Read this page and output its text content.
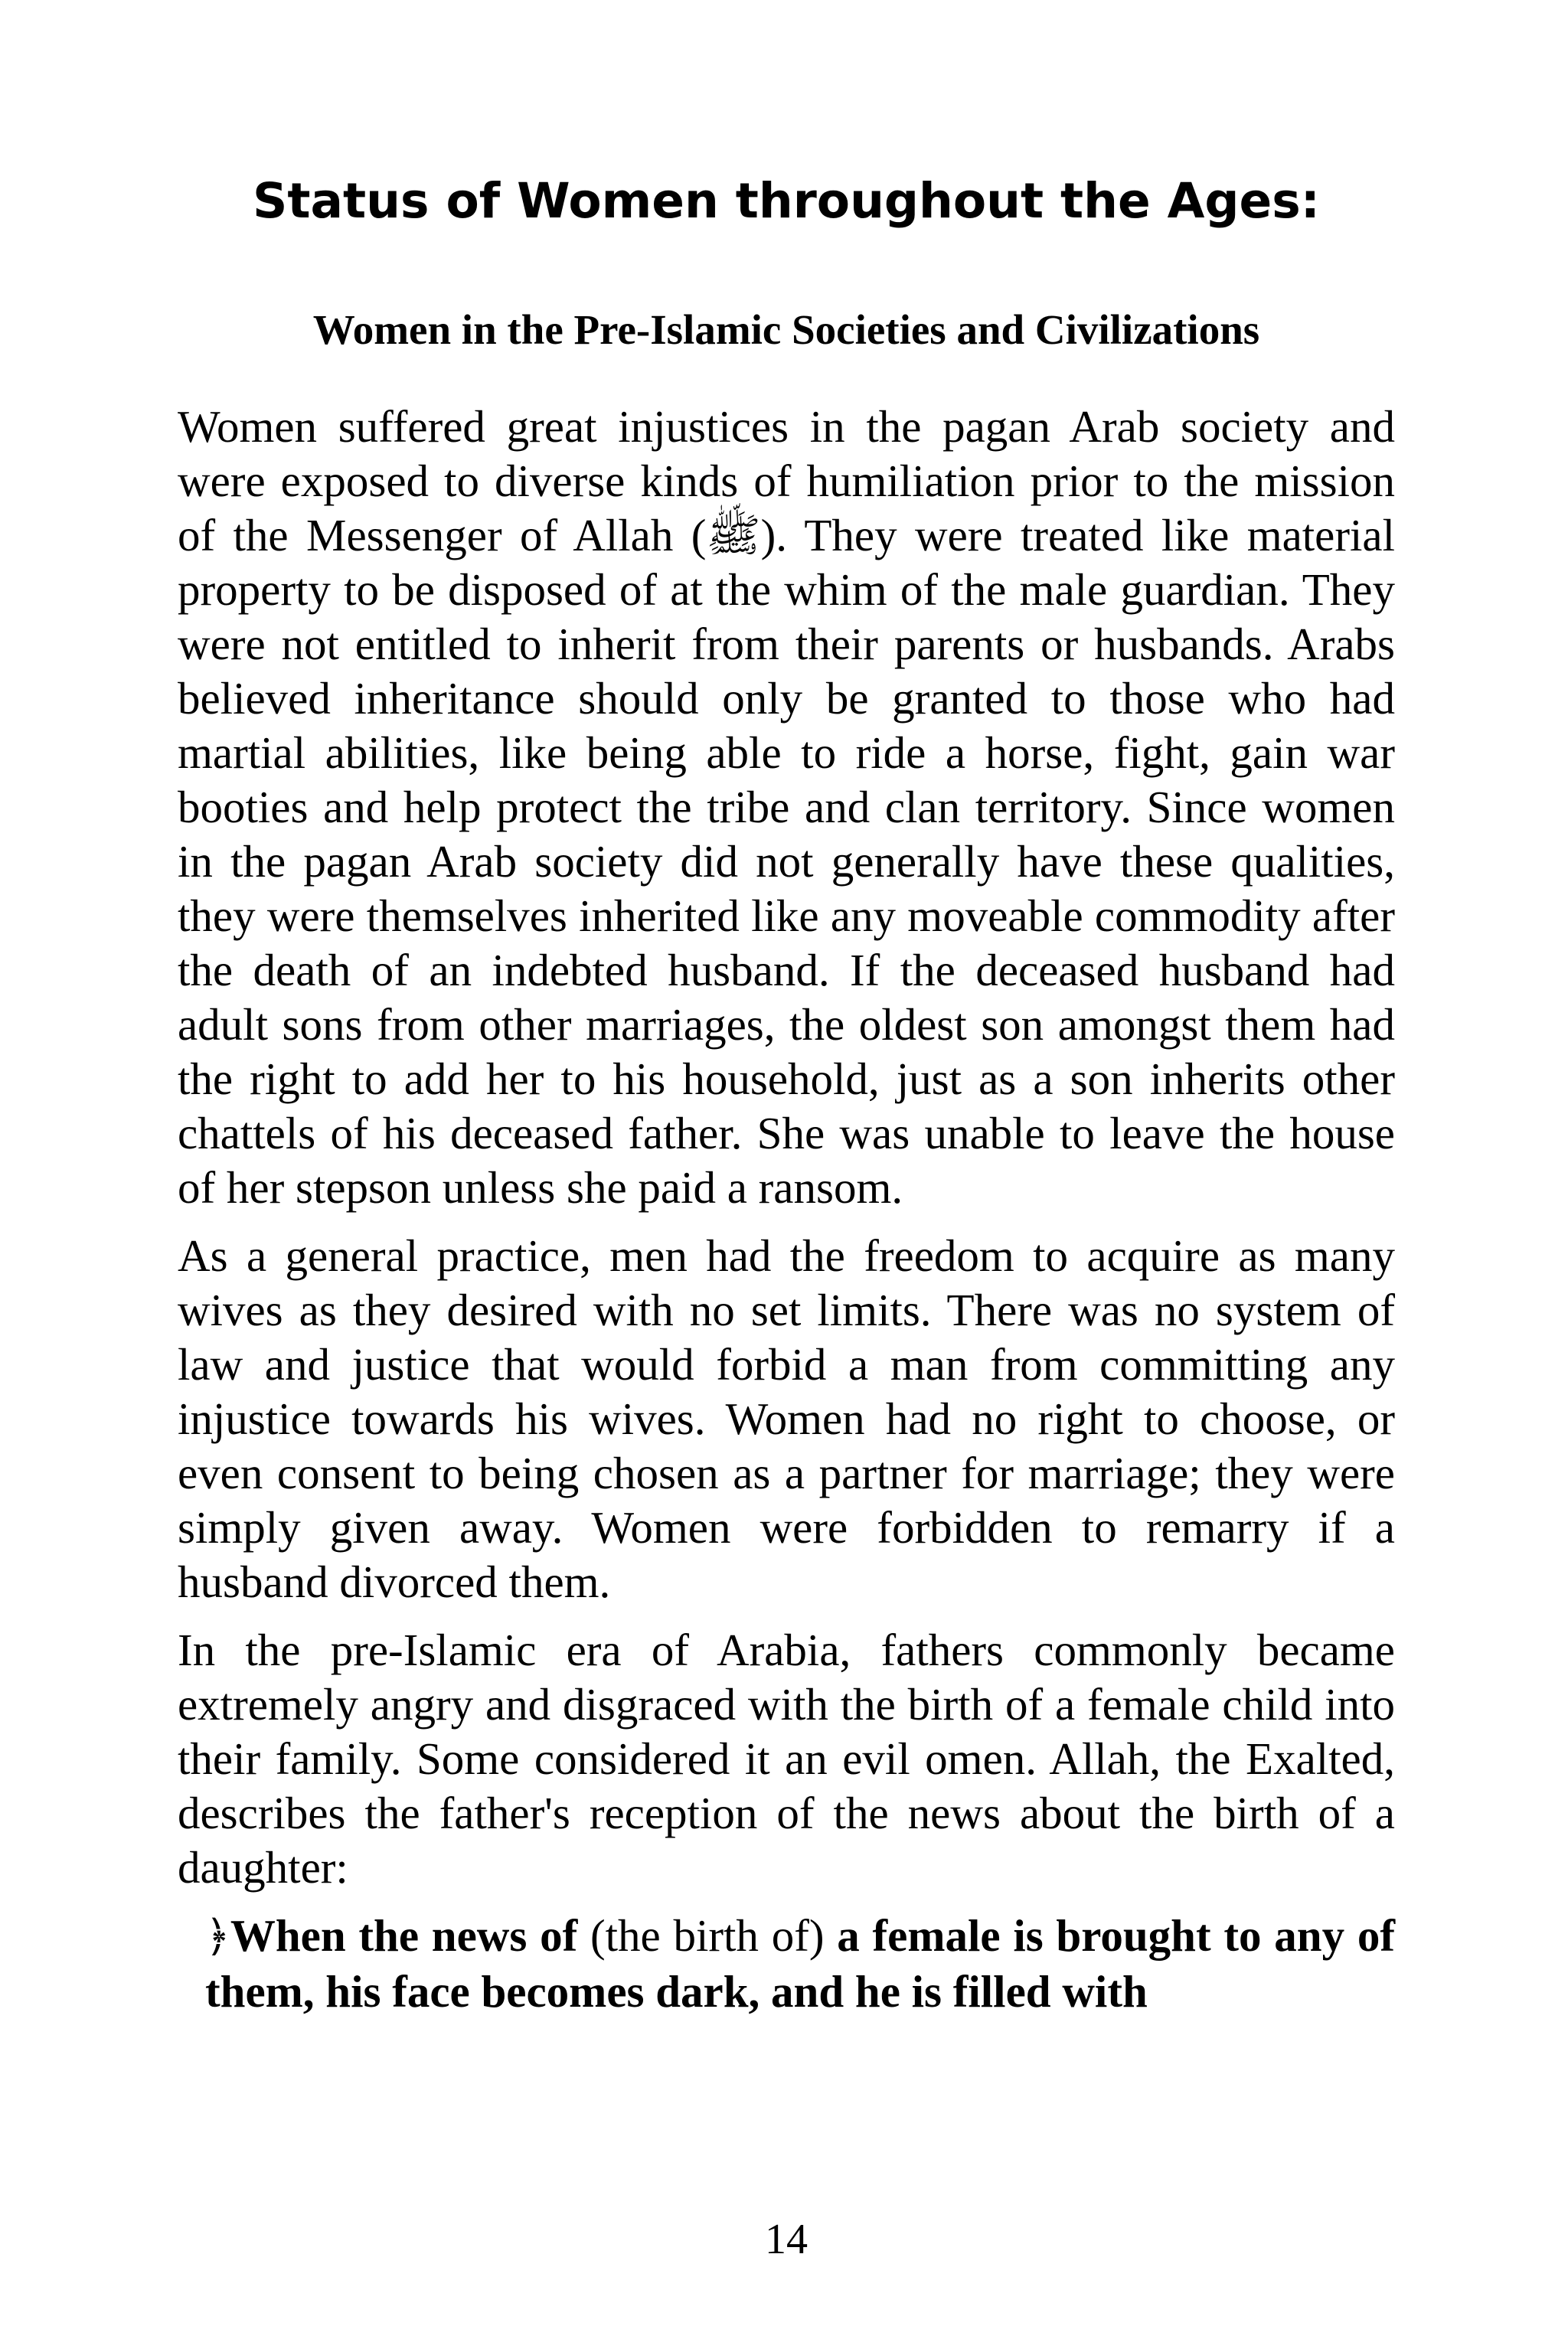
Status of Women throughout the Ages:
Women in the Pre-Islamic Societies and Civilizations

Women suffered great injustices in the pagan Arab society and were exposed to diverse kinds of humiliation prior to the mission of the Messenger of Allah (ﷺ). They were treated like material property to be disposed of at the whim of the male guardian. They were not entitled to inherit from their parents or husbands. Arabs believed inheritance should only be granted to those who had martial abilities, like being able to ride a horse, fight, gain war booties and help protect the tribe and clan territory. Since women in the pagan Arab society did not generally have these qualities, they were themselves inherited like any moveable commodity after the death of an indebted husband. If the deceased husband had adult sons from other marriages, the oldest son amongst them had the right to add her to his household, just as a son inherits other chattels of his deceased father. She was unable to leave the house of her stepson unless she paid a ransom.

As a general practice, men had the freedom to acquire as many wives as they desired with no set limits. There was no system of law and justice that would forbid a man from committing any injustice towards his wives. Women had no right to choose, or even consent to being chosen as a partner for marriage; they were simply given away. Women were forbidden to remarry if a husband divorced them.

In the pre-Islamic era of Arabia, fathers commonly became extremely angry and disgraced with the birth of a female child into their family. Some considered it an evil omen. Allah, the Exalted, describes the father's reception of the news about the birth of a daughter:

﴿When the news of (the birth of) a female is brought to any of them, his face becomes dark, and he is filled with

14
